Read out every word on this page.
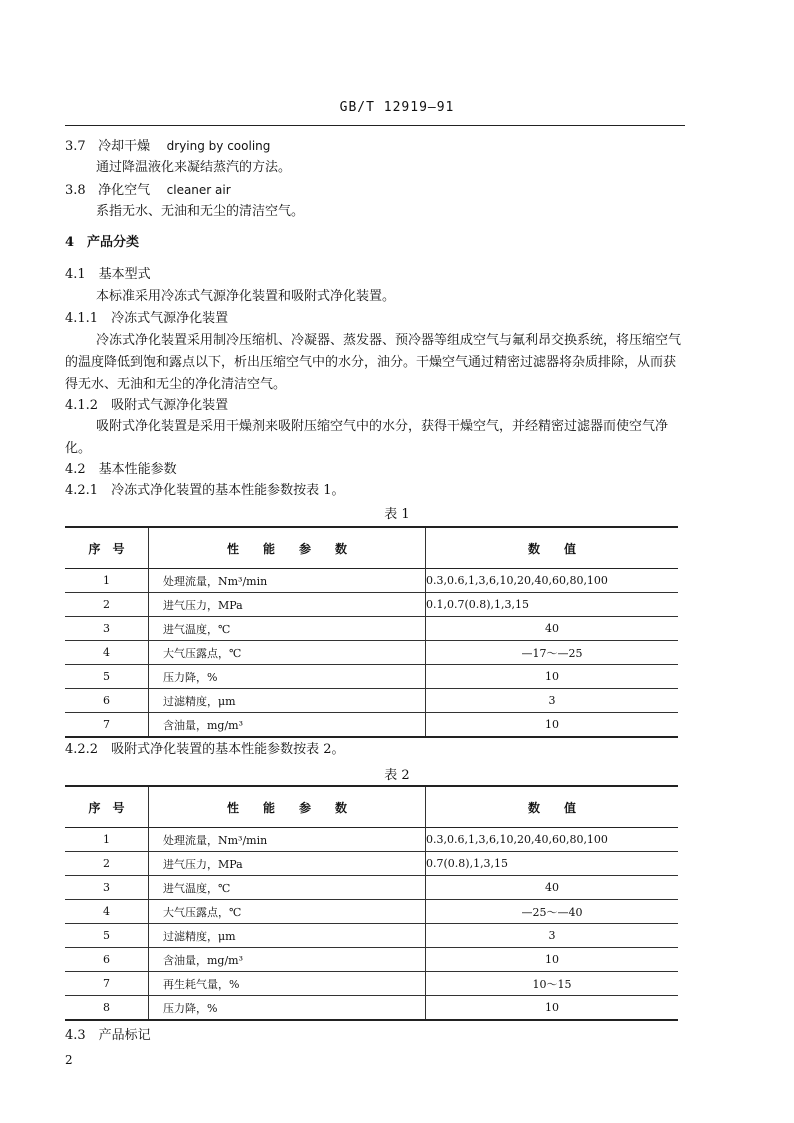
GB/T 12919—91
3.7 冷却干燥 drying by cooling
通过降温液化来凝结蒸汽的方法。
3.8 净化空气 cleaner air
系指无水、无油和无尘的清洁空气。
4　产品分类
4.1　基本型式
本标准采用冷冻式气源净化装置和吸附式净化装置。
4.1.1　冷冻式气源净化装置
冷冻式净化装置采用制冷压缩机、冷凝器、蒸发器、预冷器等组成空气与氟利昂交换系统，将压缩空气的温度降低到饱和露点以下，析出压缩空气中的水分，油分。干燥空气通过精密过滤器将杂质排除，从而获得无水、无油和无尘的净化清洁空气。
4.1.2　吸附式气源净化装置
吸附式净化装置是采用干燥剂来吸附压缩空气中的水分，获得干燥空气，并经精密过滤器而使空气净化。
4.2　基本性能参数
4.2.1　冷冻式净化装置的基本性能参数按表 1。
表 1
序　号	性　　能　　参　　数	数　　值
1	处理流量，Nm³/min	0.3,0.6,1,3,6,10,20,40,60,80,100
2	进气压力，MPa	0.1,0.7(0.8),1,3,15
3	进气温度，℃	40
4	大气压露点，℃	—17～—25
5	压力降，%	10
6	过滤精度，μm	3
7	含油量，mg/m³	10
4.2.2　吸附式净化装置的基本性能参数按表 2。
表 2
序　号	性　　能　　参　　数	数　　值
1	处理流量，Nm³/min	0.3,0.6,1,3,6,10,20,40,60,80,100
2	进气压力，MPa	0.7(0.8),1,3,15
3	进气温度，℃	40
4	大气压露点，℃	—25～—40
5	过滤精度，μm	3
6	含油量，mg/m³	10
7	再生耗气量，%	10～15
8	压力降，%	10
4.3　产品标记
2
